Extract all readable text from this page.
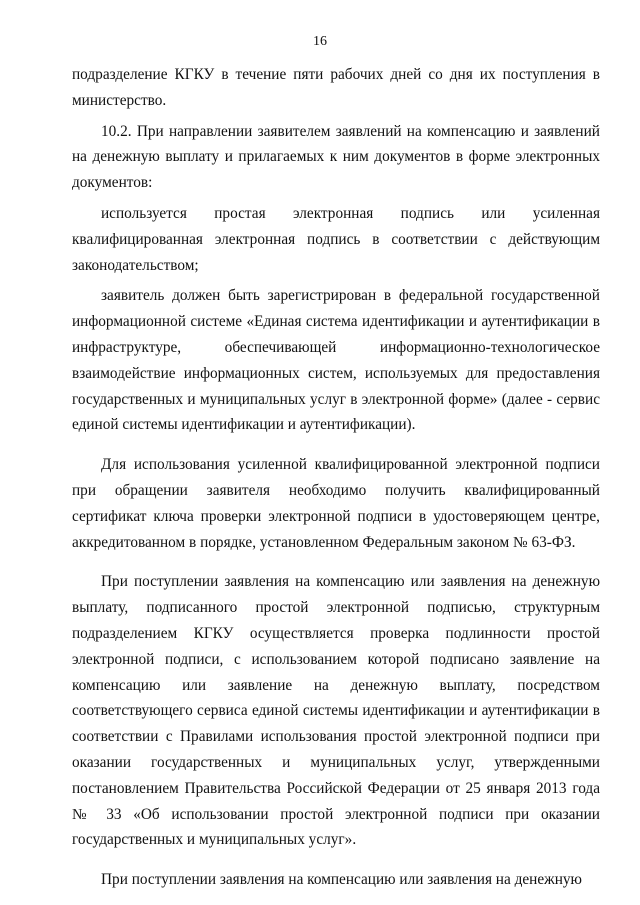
16

подразделение КГКУ в течение пяти рабочих дней со дня их поступления в министерство.

10.2. При направлении заявителем заявлений на компенсацию и заявлений на денежную выплату и прилагаемых к ним документов в форме электронных документов:

используется простая электронная подпись или усиленная квалифицированная электронная подпись в соответствии с действующим законодательством;

заявитель должен быть зарегистрирован в федеральной государственной информационной системе «Единая система идентификации и аутентификации в инфраструктуре, обеспечивающей информационно-технологическое взаимодействие информационных систем, используемых для предоставления государственных и муниципальных услуг в электронной форме» (далее - сервис единой системы идентификации и аутентификации).

Для использования усиленной квалифицированной электронной подписи при обращении заявителя необходимо получить квалифицированный сертификат ключа проверки электронной подписи в удостоверяющем центре, аккредитованном в порядке, установленном Федеральным законом № 63-ФЗ.

При поступлении заявления на компенсацию или заявления на денежную выплату, подписанного простой электронной подписью, структурным подразделением КГКУ осуществляется проверка подлинности простой электронной подписи, с использованием которой подписано заявление на компенсацию или заявление на денежную выплату, посредством соответствующего сервиса единой системы идентификации и аутентификации в соответствии с Правилами использования простой электронной подписи при оказании государственных и муниципальных услуг, утвержденными постановлением Правительства Российской Федерации от 25 января 2013 года № 33 «Об использовании простой электронной подписи при оказании государственных и муниципальных услуг».

При поступлении заявления на компенсацию или заявления на денежную
